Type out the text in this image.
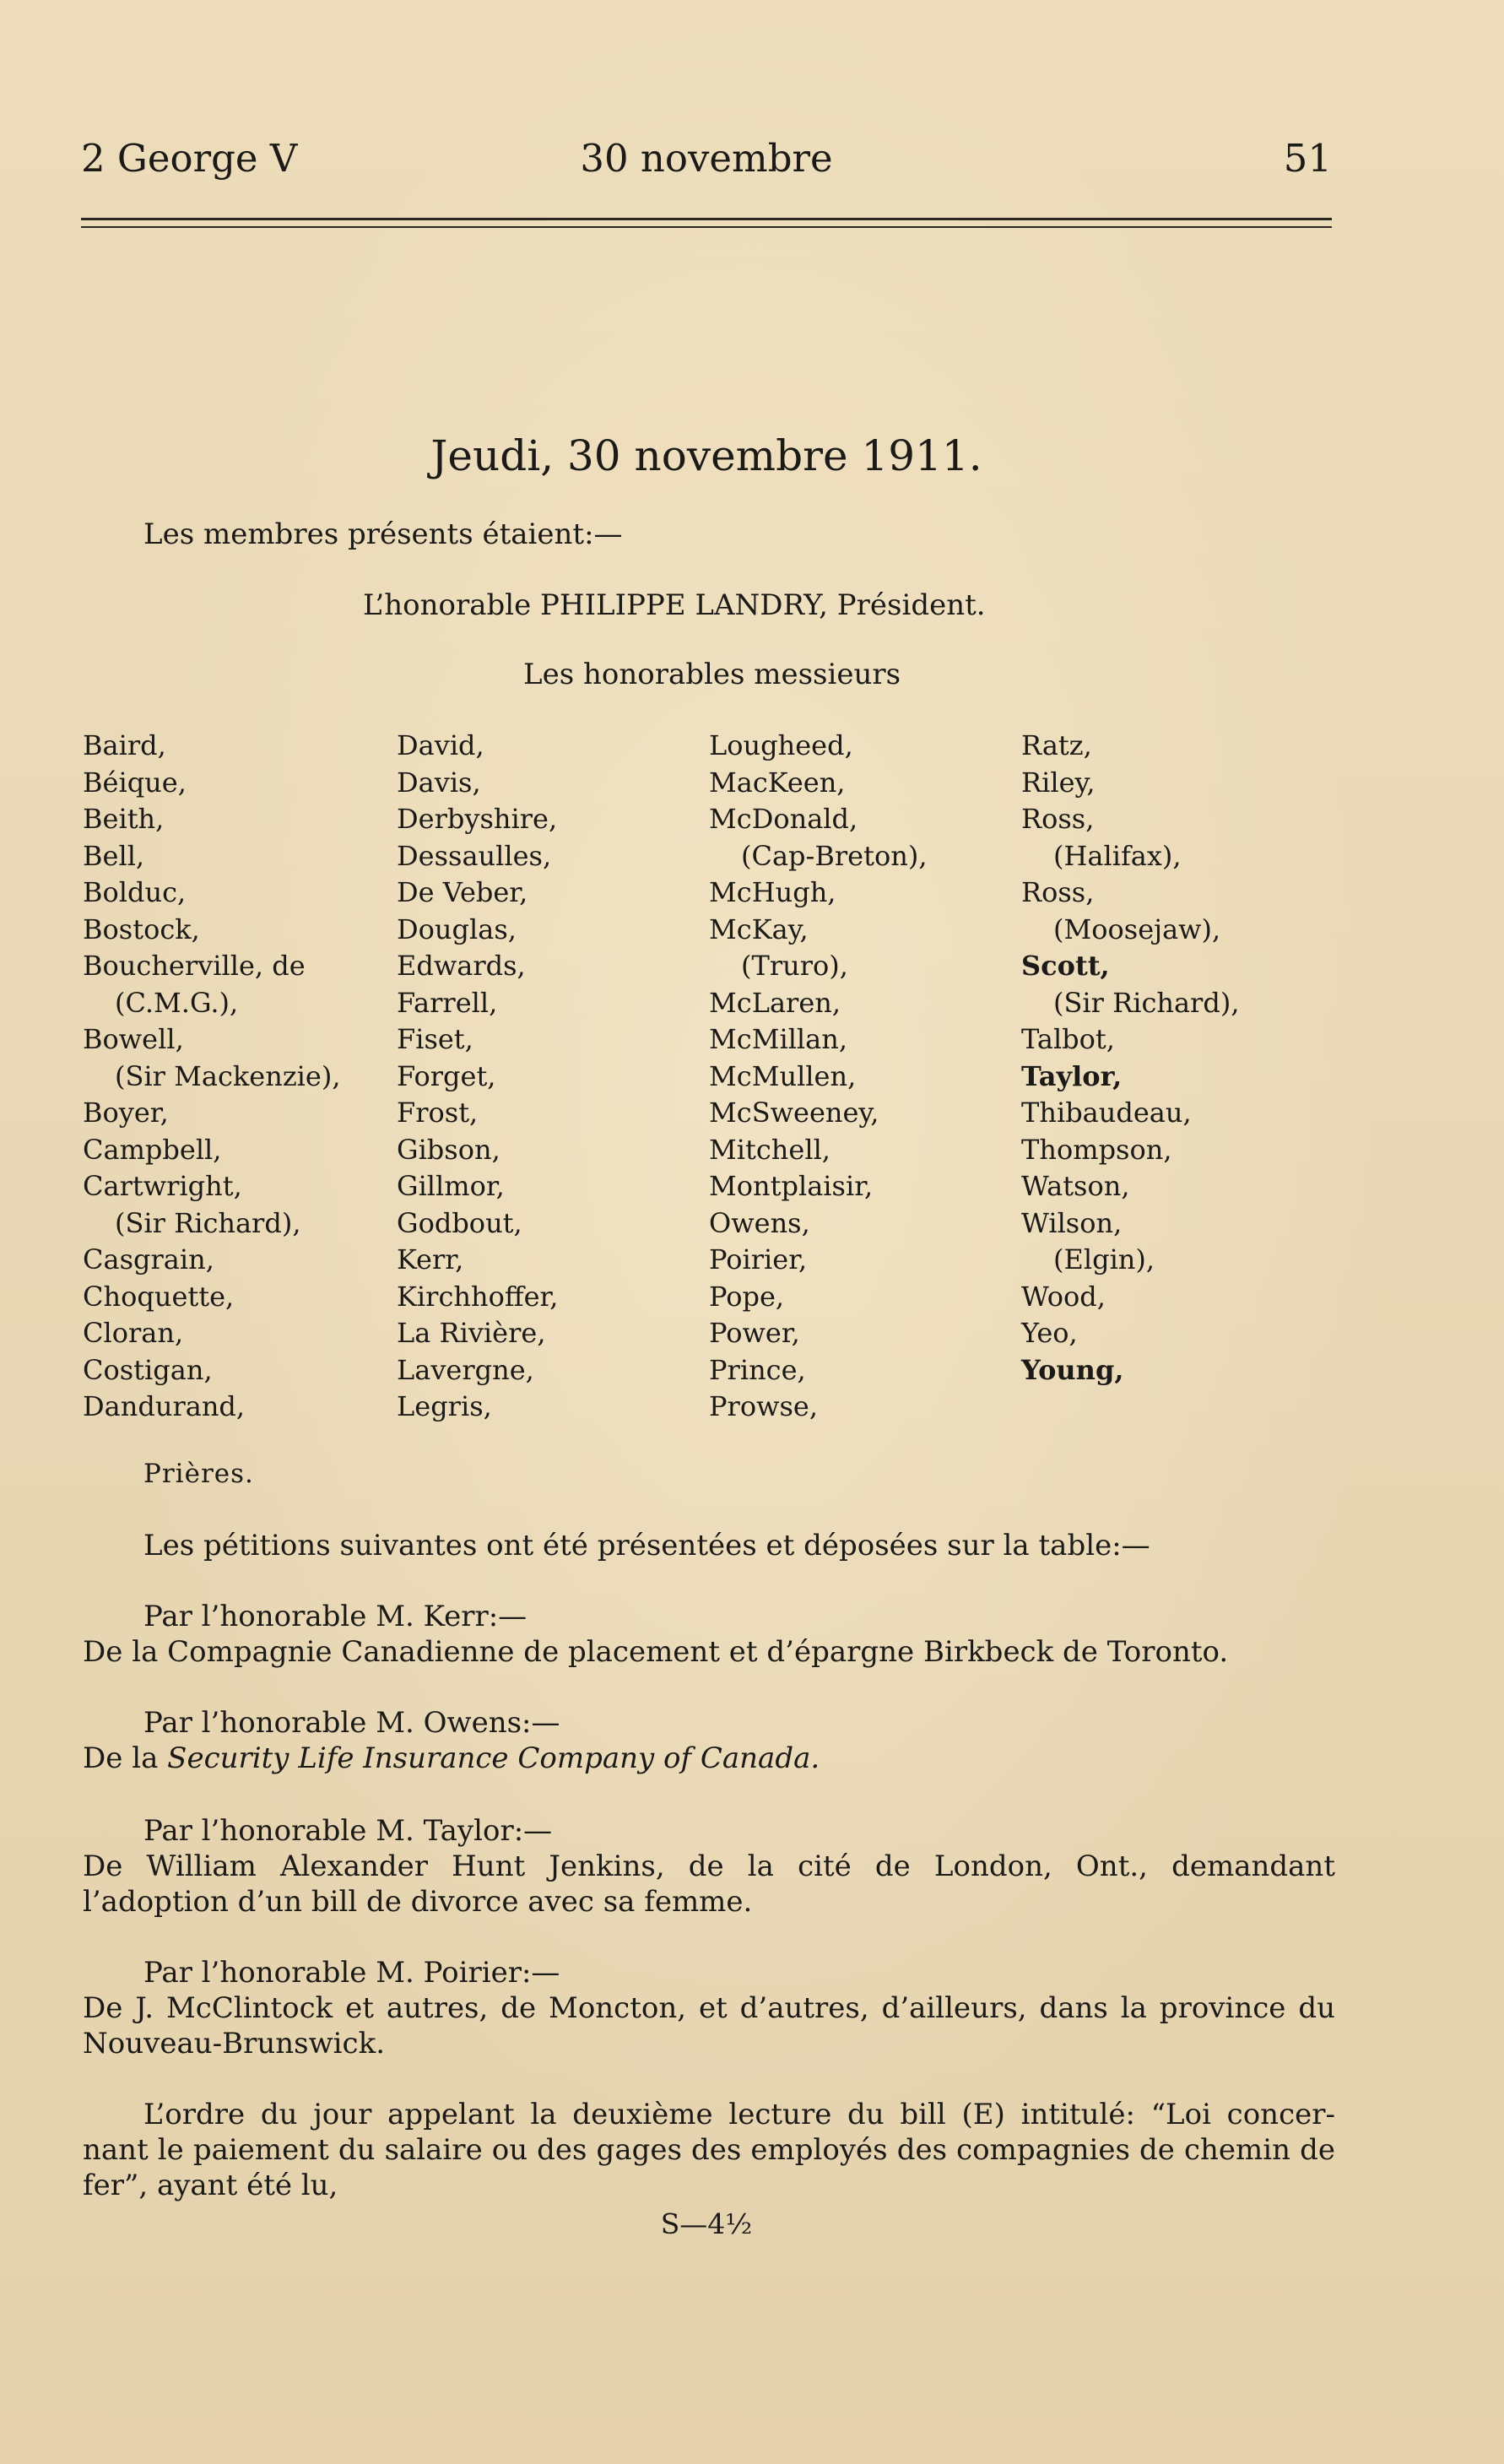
2 George V	30 novembre	51
Jeudi, 30 novembre 1911.
Les membres présents étaient:—
L’honorable PHILIPPE LANDRY, Président.
Les honorables messieurs
Baird,
Béique,
Beith,
Bell,
Bolduc,
Bostock,
Boucherville, de
(C.M.G.),
Bowell,
(Sir Mackenzie),
Boyer,
Campbell,
Cartwright,
(Sir Richard),
Casgrain,
Choquette,
Cloran,
Costigan,
Dandurand,
David,
Davis,
Derbyshire,
Dessaulles,
De Veber,
Douglas,
Edwards,
Farrell,
Fiset,
Forget,
Frost,
Gibson,
Gillmor,
Godbout,
Kerr,
Kirchhoffer,
La Rivière,
Lavergne,
Legris,
Lougheed,
MacKeen,
McDonald,
(Cap-Breton),
McHugh,
McKay,
(Truro),
McLaren,
McMillan,
McMullen,
McSweeney,
Mitchell,
Montplaisir,
Owens,
Poirier,
Pope,
Power,
Prince,
Prowse,
Ratz,
Riley,
Ross,
(Halifax),
Ross,
(Moosejaw),
Scott,
(Sir Richard),
Talbot,
Taylor,
Thibaudeau,
Thompson,
Watson,
Wilson,
(Elgin),
Wood,
Yeo,
Young,
Prières.
Les pétitions suivantes ont été présentées et déposées sur la table:—
Par l’honorable M. Kerr:—
De la Compagnie Canadienne de placement et d’épargne Birkbeck de Toronto.
Par l’honorable M. Owens:—
De la Security Life Insurance Company of Canada.
Par l’honorable M. Taylor:—
De William Alexander Hunt Jenkins, de la cité de London, Ont., demandant
l’adoption d’un bill de divorce avec sa femme.
Par l’honorable M. Poirier:—
De J. McClintock et autres, de Moncton, et d’autres, d’ailleurs, dans la province du
Nouveau-Brunswick.
L’ordre du jour appelant la deuxième lecture du bill (E) intitulé: “Loi concer-
nant le paiement du salaire ou des gages des employés des compagnies de chemin de
fer”, ayant été lu,
S—4½
